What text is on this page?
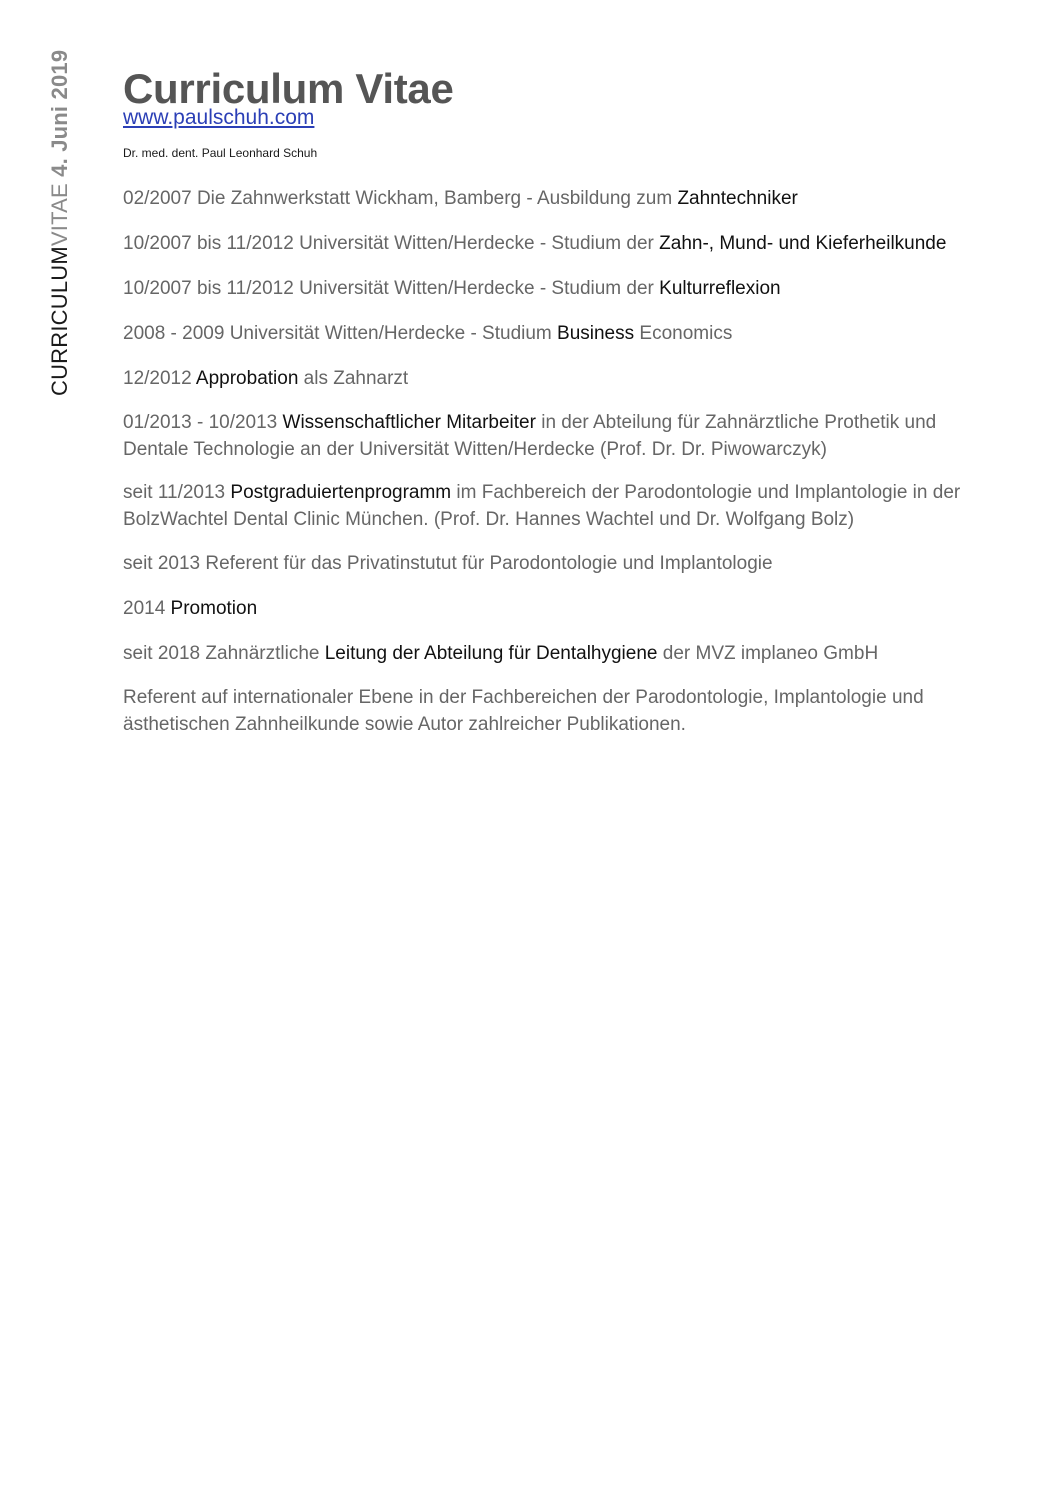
CURRICULUMVITAE 4. Juni 2019 Curriculum Vitae
www.paulschuh.com
Dr. med. dent. Paul Leonhard Schuh

02/2007 Die Zahnwerkstatt Wickham, Bamberg - Ausbildung zum Zahntechniker

10/2007 bis 11/2012 Universität Witten/Herdecke - Studium der Zahn-, Mund- und Kieferheilkunde

10/2007 bis 11/2012 Universität Witten/Herdecke - Studium der Kulturreflexion

2008 - 2009 Universität Witten/Herdecke - Studium Business Economics

12/2012 Approbation als Zahnarzt

01/2013 - 10/2013 Wissenschaftlicher Mitarbeiter in der Abteilung für Zahnärztliche Prothetik und Dentale Technologie an der Universität Witten/Herdecke (Prof. Dr. Dr. Piwowarczyk)

seit 11/2013 Postgraduiertenprogramm im Fachbereich der Parodontologie und Implantologie in der BolzWachtel Dental Clinic München. (Prof. Dr. Hannes Wachtel und Dr. Wolfgang Bolz)

seit 2013 Referent für das Privatinstutut für Parodontologie und Implantologie

2014 Promotion

seit 2018 Zahnärztliche Leitung der Abteilung für Dentalhygiene der MVZ implaneo GmbH

Referent auf internationaler Ebene in der Fachbereichen der Parodontologie, Implantologie und ästhetischen Zahnheilkunde sowie Autor zahlreicher Publikationen.
